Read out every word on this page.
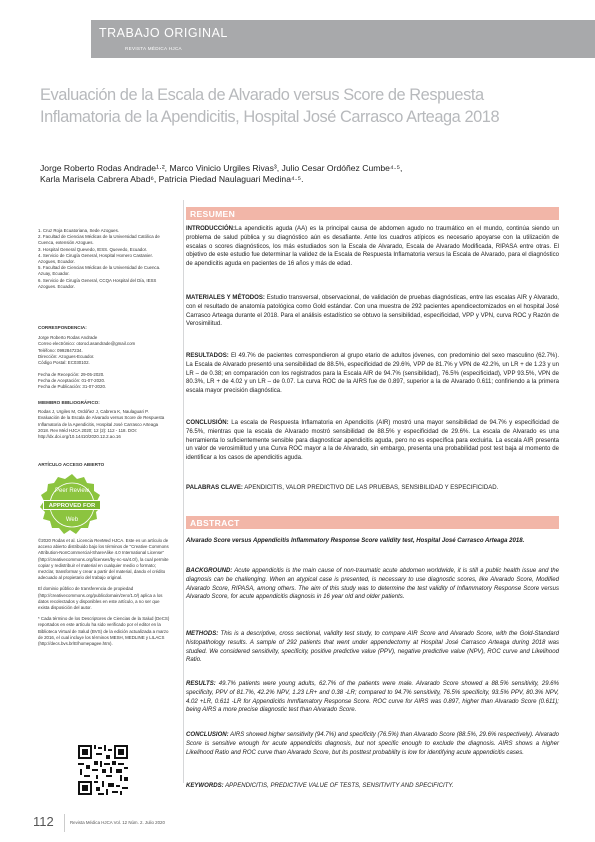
TRABAJO ORIGINAL
REVISTA MÉDICA HJCA
Evaluación de la Escala de Alvarado versus Score de Respuesta
Inflamatoria de la Apendicitis, Hospital José Carrasco Arteaga 2018
Jorge Roberto Rodas Andrade¹·², Marco Vinicio Urgiles Rivas³, Julio Cesar Ordóñez Cumbe⁴·⁵,
Karla Marisela Cabrera Abad⁶, Patricia Piedad Naulaguari Medina⁴·⁵.

1. Cruz Roja Ecuatoriana, Sede Azogues.

2. Facultad de Ciencias Médicas de la Universidad Católica de Cuenca, extensión Azogues.

3. Hospital General Quevedo, IESS. Quevedo, Ecuador.

4. Servicio de Cirugía General, Hospital Homero Castanier. Azogues, Ecuador.

5. Facultad de Ciencias Médicas de la Universidad de Cuenca. Azuay, Ecuador.

6. Servicio de Cirugía General, CCQA Hospital del Día, IESS Azogues. Ecuador.

CORRESPONDENCIA:

Jorge Roberto Rodas Andrade

Correo electrónico: otorod.asandrade@gmail.com

Teléfono: 0992847234.

Dirección: Azogues-Ecuador.

Código Postal: EC030102.

Fecha de Recepción: 29-05-2020.

Fecha de Aceptación: 01-07-2020.

Fecha de Publicación: 31-07-2020.

MIEMBRO BIBLIOGRÁFICO:

Rodas J, Urgiles M, Ordóñez J, Cabrera K, Naulaguari P. Evaluación de la Escala de Alvarado versus Score de Respuesta Inflamatoria de la Apendicitis, Hospital José Carrasco Arteaga 2018. Rev Méd HJCA 2020; 12 (2): 112 - 118. DOI: http://dx.doi.org/10.14410/2020.12.2.ao.16

ARTÍCULO ACCESO ABIERTO

Peer Review
APPROVED FOR
Web

©2020 Rodas et al. Licencia RevMed HJCA. Este es un artículo de acceso abierto distribuido bajo los términos de "Creative Commons Attribution-NonCommercial-ShareAlike 4.0 International License" (http://creativecommons.org/licenses/by-nc-sa/4.0/), la cual permite copiar y redistribuir el material en cualquier medio o formato; mezclar, transformar y crear a partir del material, dando el crédito adecuado al propietario del trabajo original.

El dominio público de transferencia de propiedad (http://creativecommons.org/publicdomain/zero/1.0/) aplica a los datos recolectados y disponibles en este artículo, a no ser que exista disposición del autor.

* Cada término de los Descriptores de Ciencias de la Salud (DeCS) reportados en este artículo ha sido verificado por el editor en la Biblioteca Virtual de Salud (BVS) de la edición actualizada a marzo de 2016, el cual incluye los términos MESH, MEDLINE y LILACS (http://decs.bvs.br/E/homepagee.htm).

RESUMEN

INTRODUCCIÓN:La apendicitis aguda (AA) es la principal causa de abdomen agudo no traumático en el mundo, continúa siendo un problema de salud pública y su diagnóstico aún es desafiante. Ante los cuadros atípicos es necesario apoyarse con la utilización de escalas o scores diagnósticos, los más estudiados son la Escala de Alvarado, Escala de Alvarado Modificada, RIPASA entre otras. El objetivo de este estudio fue determinar la validez de la Escala de Respuesta Inflamatoria versus la Escala de Alvarado, para el diagnóstico de apendicitis aguda en pacientes de 16 años y más de edad.

MATERIALES Y MÉTODOS: Estudio transversal, observacional, de validación de pruebas diagnósticas, entre las escalas AIR y Alvarado, con el resultado de anatomía patológica como Gold estándar. Con una muestra de 292 pacientes apendicectomizados en el hospital José Carrasco Arteaga durante el 2018. Para el análisis estadístico se obtuvo la sensibilidad, especificidad, VPP y VPN, curva ROC y Razón de Verosimilitud.

RESULTADOS: El 49.7% de pacientes correspondieron al grupo etario de adultos jóvenes, con predominio del sexo masculino (62.7%). La Escala de Alvarado presentó una sensibilidad de 88.5%, especificidad de 29.6%, VPP de 81.7% y VPN de 42.2%, un LR + de 1.23 y un LR – de 0.38; en comparación con los registrados para la Escala AIR de 94.7% (sensibilidad), 76.5% (especificidad), VPP 93.5%, VPN de 80.3%, LR + de 4.02 y un LR – de 0.07. La curva ROC de la AIRS fue de 0.897, superior a la de Alvarado 0.611; confiriendo a la primera escala mayor precisión diagnóstica.

CONCLUSIÓN: La escala de Respuesta Inflamatoria en Apendicitis (AIR) mostró una mayor sensibilidad de 94.7% y especificidad de 76.5%, mientras que la escala de Alvarado mostró sensibilidad de 88.5% y especificidad de 29.6%. La escala de Alvarado es una herramienta lo suficientemente sensible para diagnosticar apendicitis aguda, pero no es específica para excluirla. La escala AIR presenta un valor de verosimilitud y una Curva ROC mayor a la de Alvarado, sin embargo, presenta una probabilidad post test baja al momento de identificar a los casos de apendicitis aguda.

PALABRAS CLAVE: APENDICITIS, VALOR PREDICTIVO DE LAS PRUEBAS, SENSIBILIDAD Y ESPECIFICIDAD.

ABSTRACT
Alvarado Score versus Appendicitis Inflammatory Response Score validity test, Hospital José Carrasco Arteaga 2018.

BACKGROUND: Acute appendicitis is the main cause of non-traumatic acute abdomen worldwide, it is still a public health issue and the diagnosis can be challenging. When an atypical case is presented, is necessary to use diagnostic scores, like Alvarado Score, Modified Alvarado Score, RIPASA, among others. The aim of this study was to determine the test validity of Inflammatory Response Score versus Alvarado Score, for acute appendicitis diagnosis in 16 year old and older patients.

METHODS: This is a descriptive, cross sectional, validity test study, to compare AIR Score and Alvarado Score, with the Gold-Standard histopathology results. A sample of 292 patients that went under appendectomy at Hospital José Carrasco Arteaga during 2018 was studied. We considered sensitivity, specificity, positive predictive value (PPV), negative predictive value (NPV), ROC curve and Likelihood Ratio.

RESULTS: 49.7% patients were young adults, 62.7% of the patients were male. Alvarado Score showed a 88.5% sensitivity, 29.6% specificity, PPV of 81.7%, 42.2% NPV, 1.23 LR+ and 0.38 -LR; compared to 94.7% sensitivity, 76.5% specificity, 93.5% PPV, 80.3% NPV, 4.02 +LR, 0.611 -LR for Appendicitis Inmflamatory Response Score. ROC curve for AIRS was 0.897, higher than Alvarado Score (0.611); being AIRS a more precise diagnostic test than Alvarado Score.

CONCLUSION: AIRS showed higher sensitivity (94.7%) and specificity (76.5%) than Alvarado Score (88.5%, 29.6% respectively). Alvarado Score is sensitive enough for acute appendicitis diagnosis, but not specific enough to exclude the diagnosis. AIRS shows a higher Likelihood Ratio and ROC curve than Alvarado Score, but its posttest probability is low for identifying acute appendicitis cases.

KEYWORDS: APPENDICITIS, PREDICTIVE VALUE OF TESTS, SENSITIVITY AND SPECIFICITY.

112	Revista Médica HJCA Vol. 12 Núm. 2. Julio 2020
